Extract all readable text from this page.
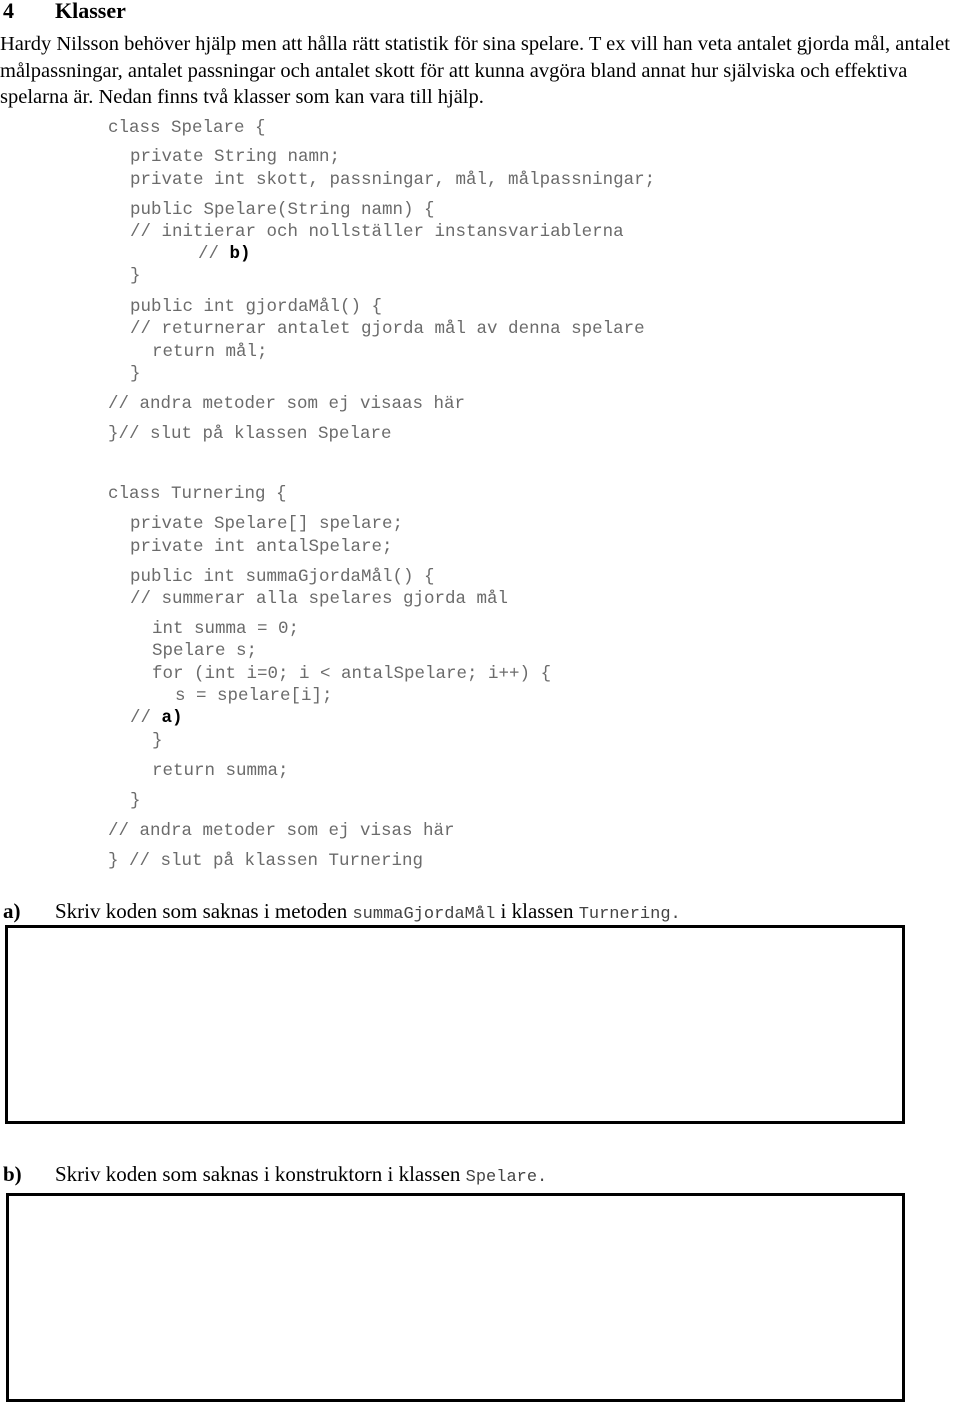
4 Klasser
Hardy Nilsson behöver hjälp men att hålla rätt statistik för sina spelare. T ex vill han veta antalet gjorda mål, antalet målpassningar, antalet passningar och antalet skott för att kunna avgöra bland annat hur själviska och effektiva spelarna är. Nedan finns två klasser som kan vara till hjälp.
class Spelare {
private String namn;
private int skott, passningar, mål, målpassningar;
public Spelare(String namn) {
// initierar och nollställer instansvariablerna
// b)
}
public int gjordaMål() {
// returnerar antalet gjorda mål av denna spelare
return mål;
}
// andra metoder som ej visaas här
}// slut på klassen Spelare
class Turnering {
private Spelare[] spelare;
private int antalSpelare;
public int summaGjordaMål() {
// summerar alla spelares gjorda mål
int summa = 0;
Spelare s;
for (int i=0; i < antalSpelare; i++) {
s = spelare[i];
// a)
}
return summa;
}
// andra metoder som ej visas här
} // slut på klassen Turnering
a) Skriv koden som saknas i metoden summaGjordaMål i klassen Turnering.
b) Skriv koden som saknas i konstruktorn i klassen Spelare.
